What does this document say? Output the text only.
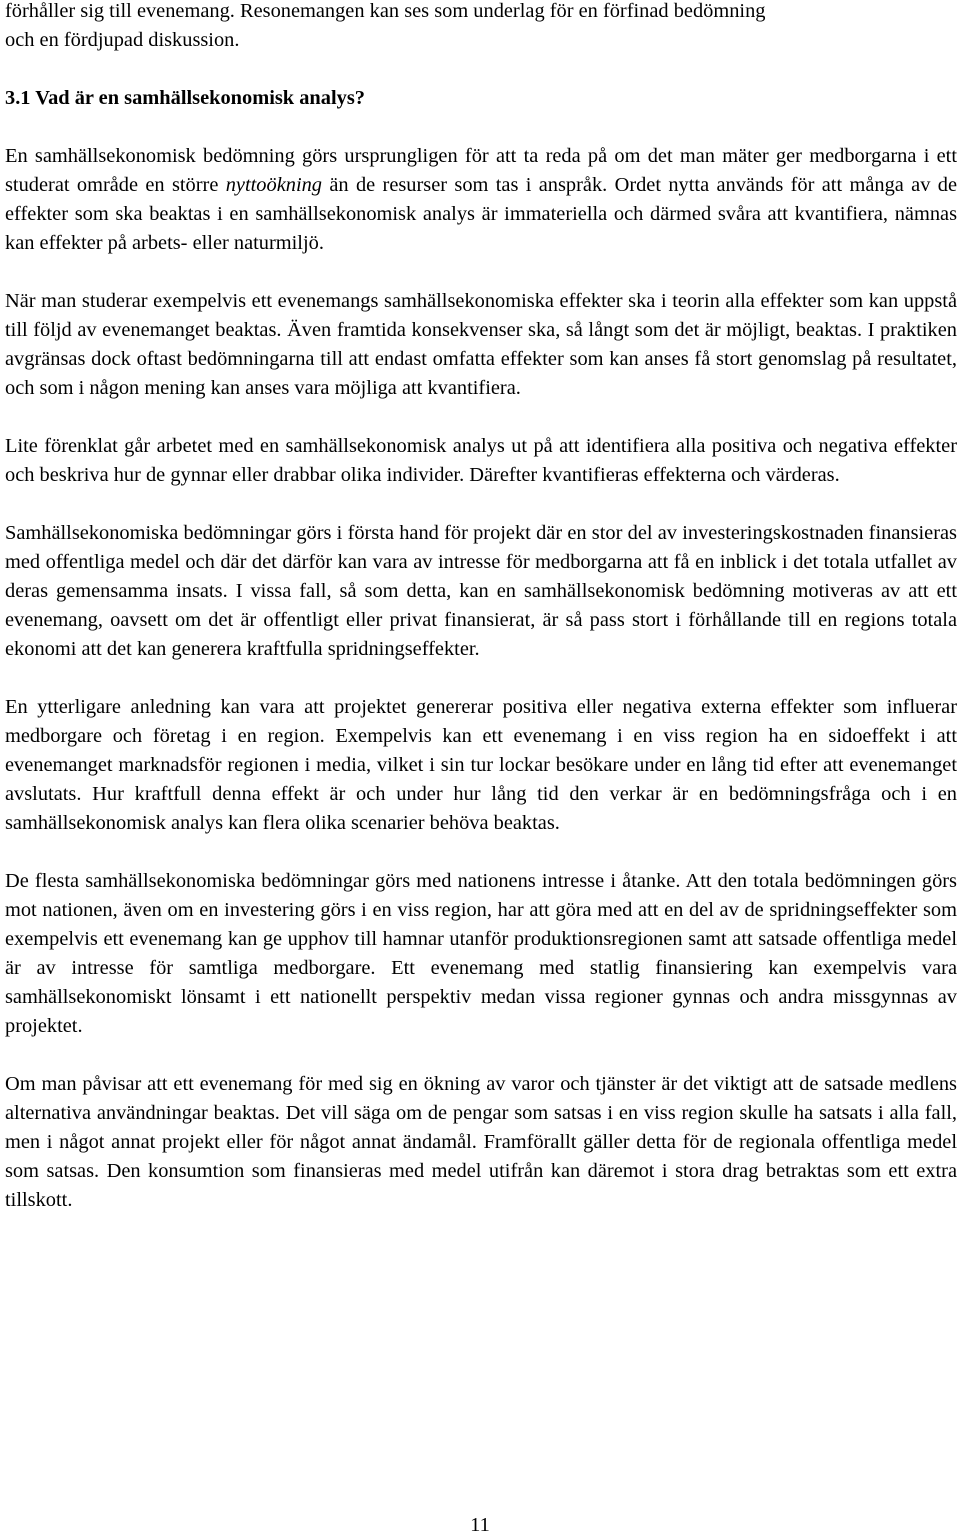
förhåller sig till evenemang. Resonemangen kan ses som underlag för en förfinad bedömning
och en fördjupad diskussion.

3.1 Vad är en samhällsekonomisk analys?

En samhällsekonomisk bedömning görs ursprungligen för att ta reda på om det man mäter ger medborgarna i ett studerat område en större nyttoökning än de resurser som tas i anspråk. Ordet nytta används för att många av de effekter som ska beaktas i en samhällsekonomisk analys är immateriella och därmed svåra att kvantifiera, nämnas kan effekter på arbets- eller naturmiljö.

När man studerar exempelvis ett evenemangs samhällsekonomiska effekter ska i teorin alla effekter som kan uppstå till följd av evenemanget beaktas. Även framtida konsekvenser ska, så långt som det är möjligt, beaktas. I praktiken avgränsas dock oftast bedömningarna till att endast omfatta effekter som kan anses få stort genomslag på resultatet, och som i någon mening kan anses vara möjliga att kvantifiera.

Lite förenklat går arbetet med en samhällsekonomisk analys ut på att identifiera alla positiva och negativa effekter och beskriva hur de gynnar eller drabbar olika individer. Därefter kvantifieras effekterna och värderas.

Samhällsekonomiska bedömningar görs i första hand för projekt där en stor del av investeringskostnaden finansieras med offentliga medel och där det därför kan vara av intresse för medborgarna att få en inblick i det totala utfallet av deras gemensamma insats. I vissa fall, så som detta, kan en samhällsekonomisk bedömning motiveras av att ett evenemang, oavsett om det är offentligt eller privat finansierat, är så pass stort i förhållande till en regions totala ekonomi att det kan generera kraftfulla spridningseffekter.

En ytterligare anledning kan vara att projektet genererar positiva eller negativa externa effekter som influerar medborgare och företag i en region. Exempelvis kan ett evenemang i en viss region ha en sidoeffekt i att evenemanget marknadsför regionen i media, vilket i sin tur lockar besökare under en lång tid efter att evenemanget avslutats. Hur kraftfull denna effekt är och under hur lång tid den verkar är en bedömningsfråga och i en samhällsekonomisk analys kan flera olika scenarier behöva beaktas.

De flesta samhällsekonomiska bedömningar görs med nationens intresse i åtanke. Att den totala bedömningen görs mot nationen, även om en investering görs i en viss region, har att göra med att en del av de spridningseffekter som exempelvis ett evenemang kan ge upphov till hamnar utanför produktionsregionen samt att satsade offentliga medel är av intresse för samtliga medborgare. Ett evenemang med statlig finansiering kan exempelvis vara samhällsekonomiskt lönsamt i ett nationellt perspektiv medan vissa regioner gynnas och andra missgynnas av projektet.

Om man påvisar att ett evenemang för med sig en ökning av varor och tjänster är det viktigt att de satsade medlens alternativa användningar beaktas. Det vill säga om de pengar som satsas i en viss region skulle ha satsats i alla fall, men i något annat projekt eller för något annat ändamål. Framförallt gäller detta för de regionala offentliga medel som satsas. Den konsumtion som finansieras med medel utifrån kan däremot i stora drag betraktas som ett extra tillskott.

11
